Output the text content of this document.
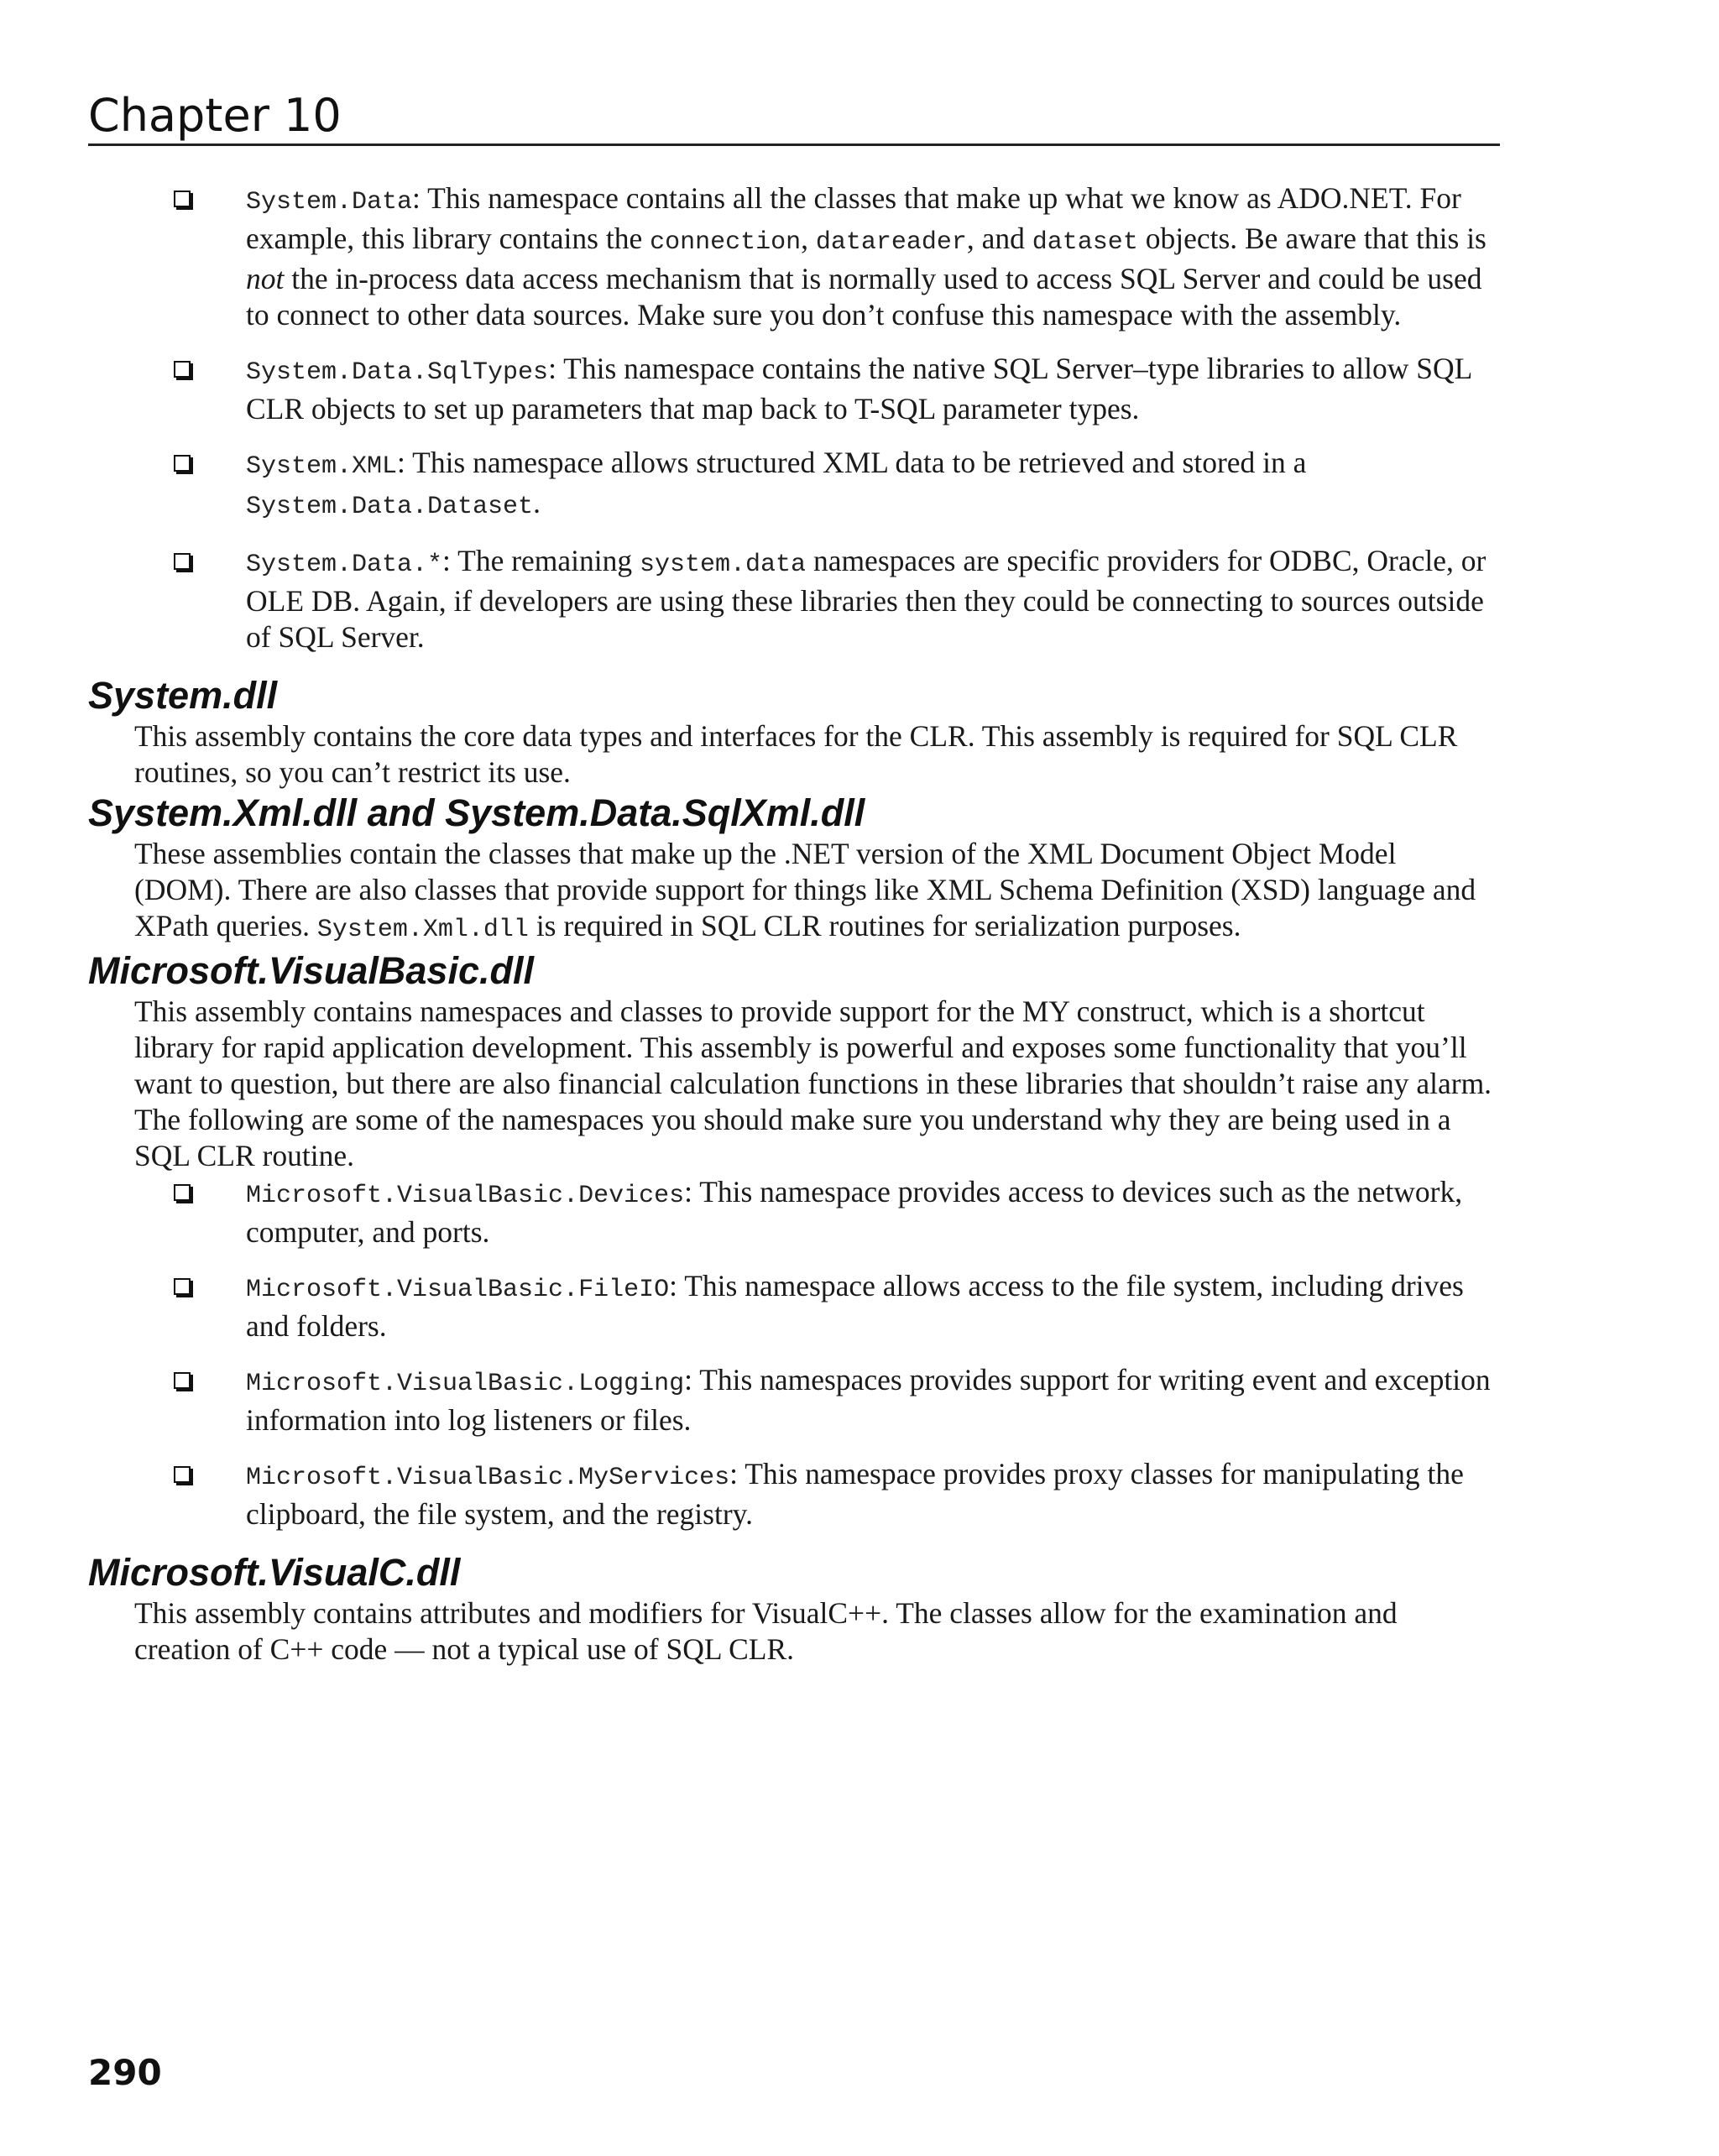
Chapter 10
System.Data: This namespace contains all the classes that make up what we know as ADO.NET. For example, this library contains the connection, datareader, and dataset objects. Be aware that this is not the in-process data access mechanism that is normally used to access SQL Server and could be used to connect to other data sources. Make sure you don’t confuse this namespace with the assembly.
System.Data.SqlTypes: This namespace contains the native SQL Server–type libraries to allow SQL CLR objects to set up parameters that map back to T-SQL parameter types.
System.XML: This namespace allows structured XML data to be retrieved and stored in a System.Data.Dataset.
System.Data.*: The remaining system.data namespaces are specific providers for ODBC, Oracle, or OLE DB. Again, if developers are using these libraries then they could be connecting to sources outside of SQL Server.
System.dll

This assembly contains the core data types and interfaces for the CLR. This assembly is required for SQL CLR routines, so you can’t restrict its use.

System.Xml.dll and System.Data.SqlXml.dll

These assemblies contain the classes that make up the .NET version of the XML Document Object Model (DOM). There are also classes that provide support for things like XML Schema Definition (XSD) language and XPath queries. System.Xml.dll is required in SQL CLR routines for serialization purposes.

Microsoft.VisualBasic.dll

This assembly contains namespaces and classes to provide support for the MY construct, which is a shortcut library for rapid application development. This assembly is powerful and exposes some functionality that you’ll want to question, but there are also financial calculation functions in these libraries that shouldn’t raise any alarm. The following are some of the namespaces you should make sure you understand why they are being used in a SQL CLR routine.

Microsoft.VisualBasic.Devices: This namespace provides access to devices such as the network, computer, and ports.
Microsoft.VisualBasic.FileIO: This namespace allows access to the file system, including drives and folders.
Microsoft.VisualBasic.Logging: This namespaces provides support for writing event and exception information into log listeners or files.
Microsoft.VisualBasic.MyServices: This namespace provides proxy classes for manipulating the clipboard, the file system, and the registry.
Microsoft.VisualC.dll

This assembly contains attributes and modifiers for VisualC++. The classes allow for the examination and creation of C++ code — not a typical use of SQL CLR.

290
